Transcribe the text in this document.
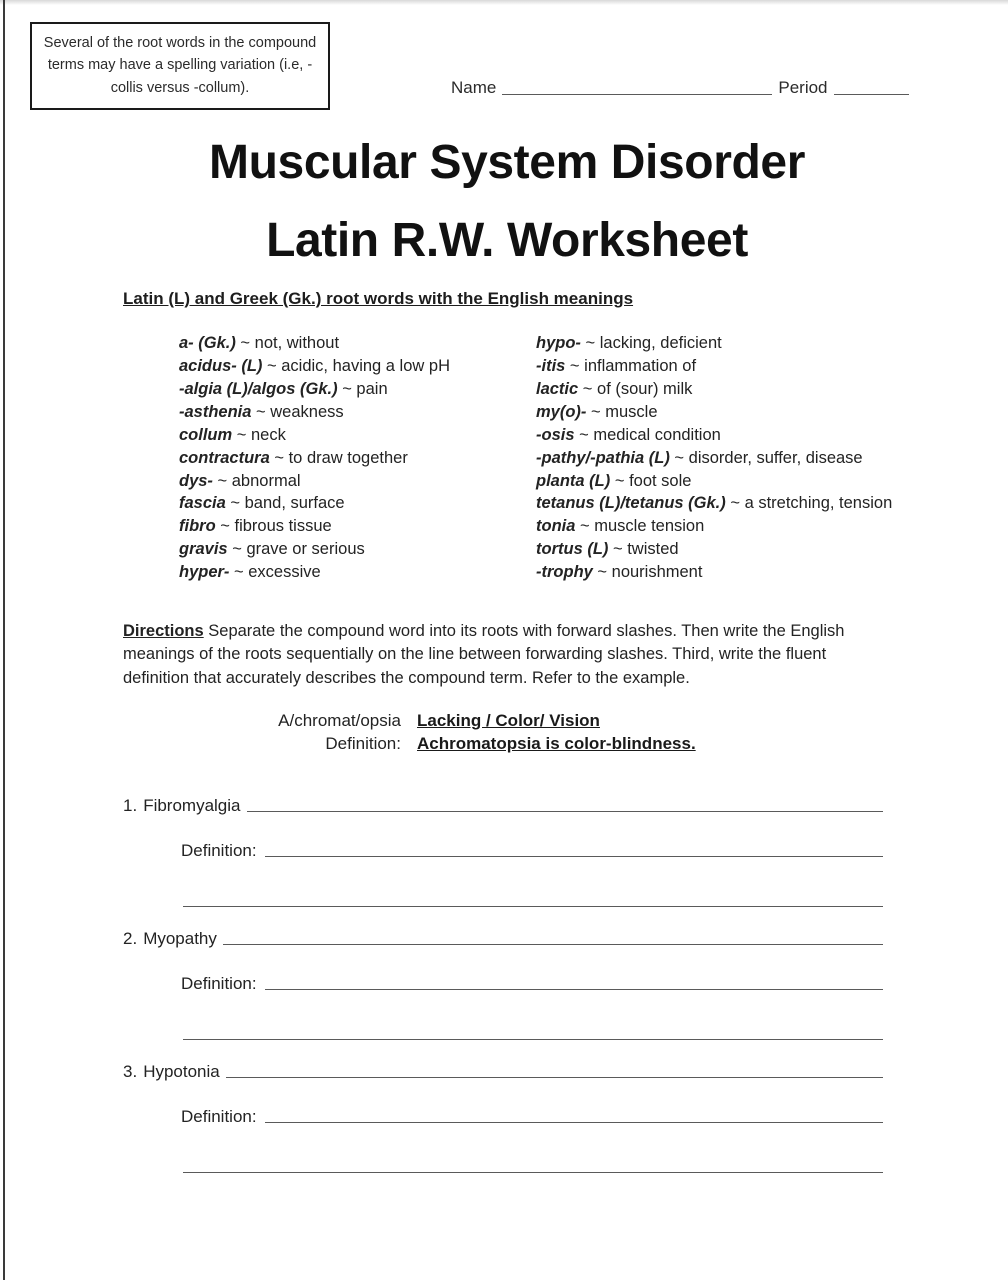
Several of the root words in the compound terms may have a spelling variation (i.e, -collis versus -collum).	Name	Period
Muscular System Disorder
Latin R.W. Worksheet
Latin (L) and Greek (Gk.) root words with the English meanings
a- (Gk.) ~ not, without
acidus- (L) ~ acidic, having a low pH
-algia (L)/algos (Gk.) ~ pain
-asthenia ~ weakness
collum ~ neck
contractura ~ to draw together
dys- ~ abnormal
fascia ~ band, surface
fibro ~ fibrous tissue
gravis ~ grave or serious
hyper- ~ excessive
hypo- ~ lacking, deficient
-itis ~ inflammation of
lactic ~ of (sour) milk
my(o)- ~ muscle
-osis ~ medical condition
-pathy/-pathia (L) ~ disorder, suffer, disease
planta (L) ~ foot sole
tetanus (L)/tetanus (Gk.) ~ a stretching, tension
tonia ~ muscle tension
tortus (L) ~ twisted
-trophy ~ nourishment
Directions Separate the compound word into its roots with forward slashes. Then write the English meanings of the roots sequentially on the line between forwarding slashes. Third, write the fluent definition that accurately describes the compound term. Refer to the example.
A/chromat/opsia Lacking / Color/ Vision
Definition: Achromatopsia is color-blindness.
1. Fibromyalgia
Definition:
2. Myopathy
Definition:
3. Hypotonia
Definition:
